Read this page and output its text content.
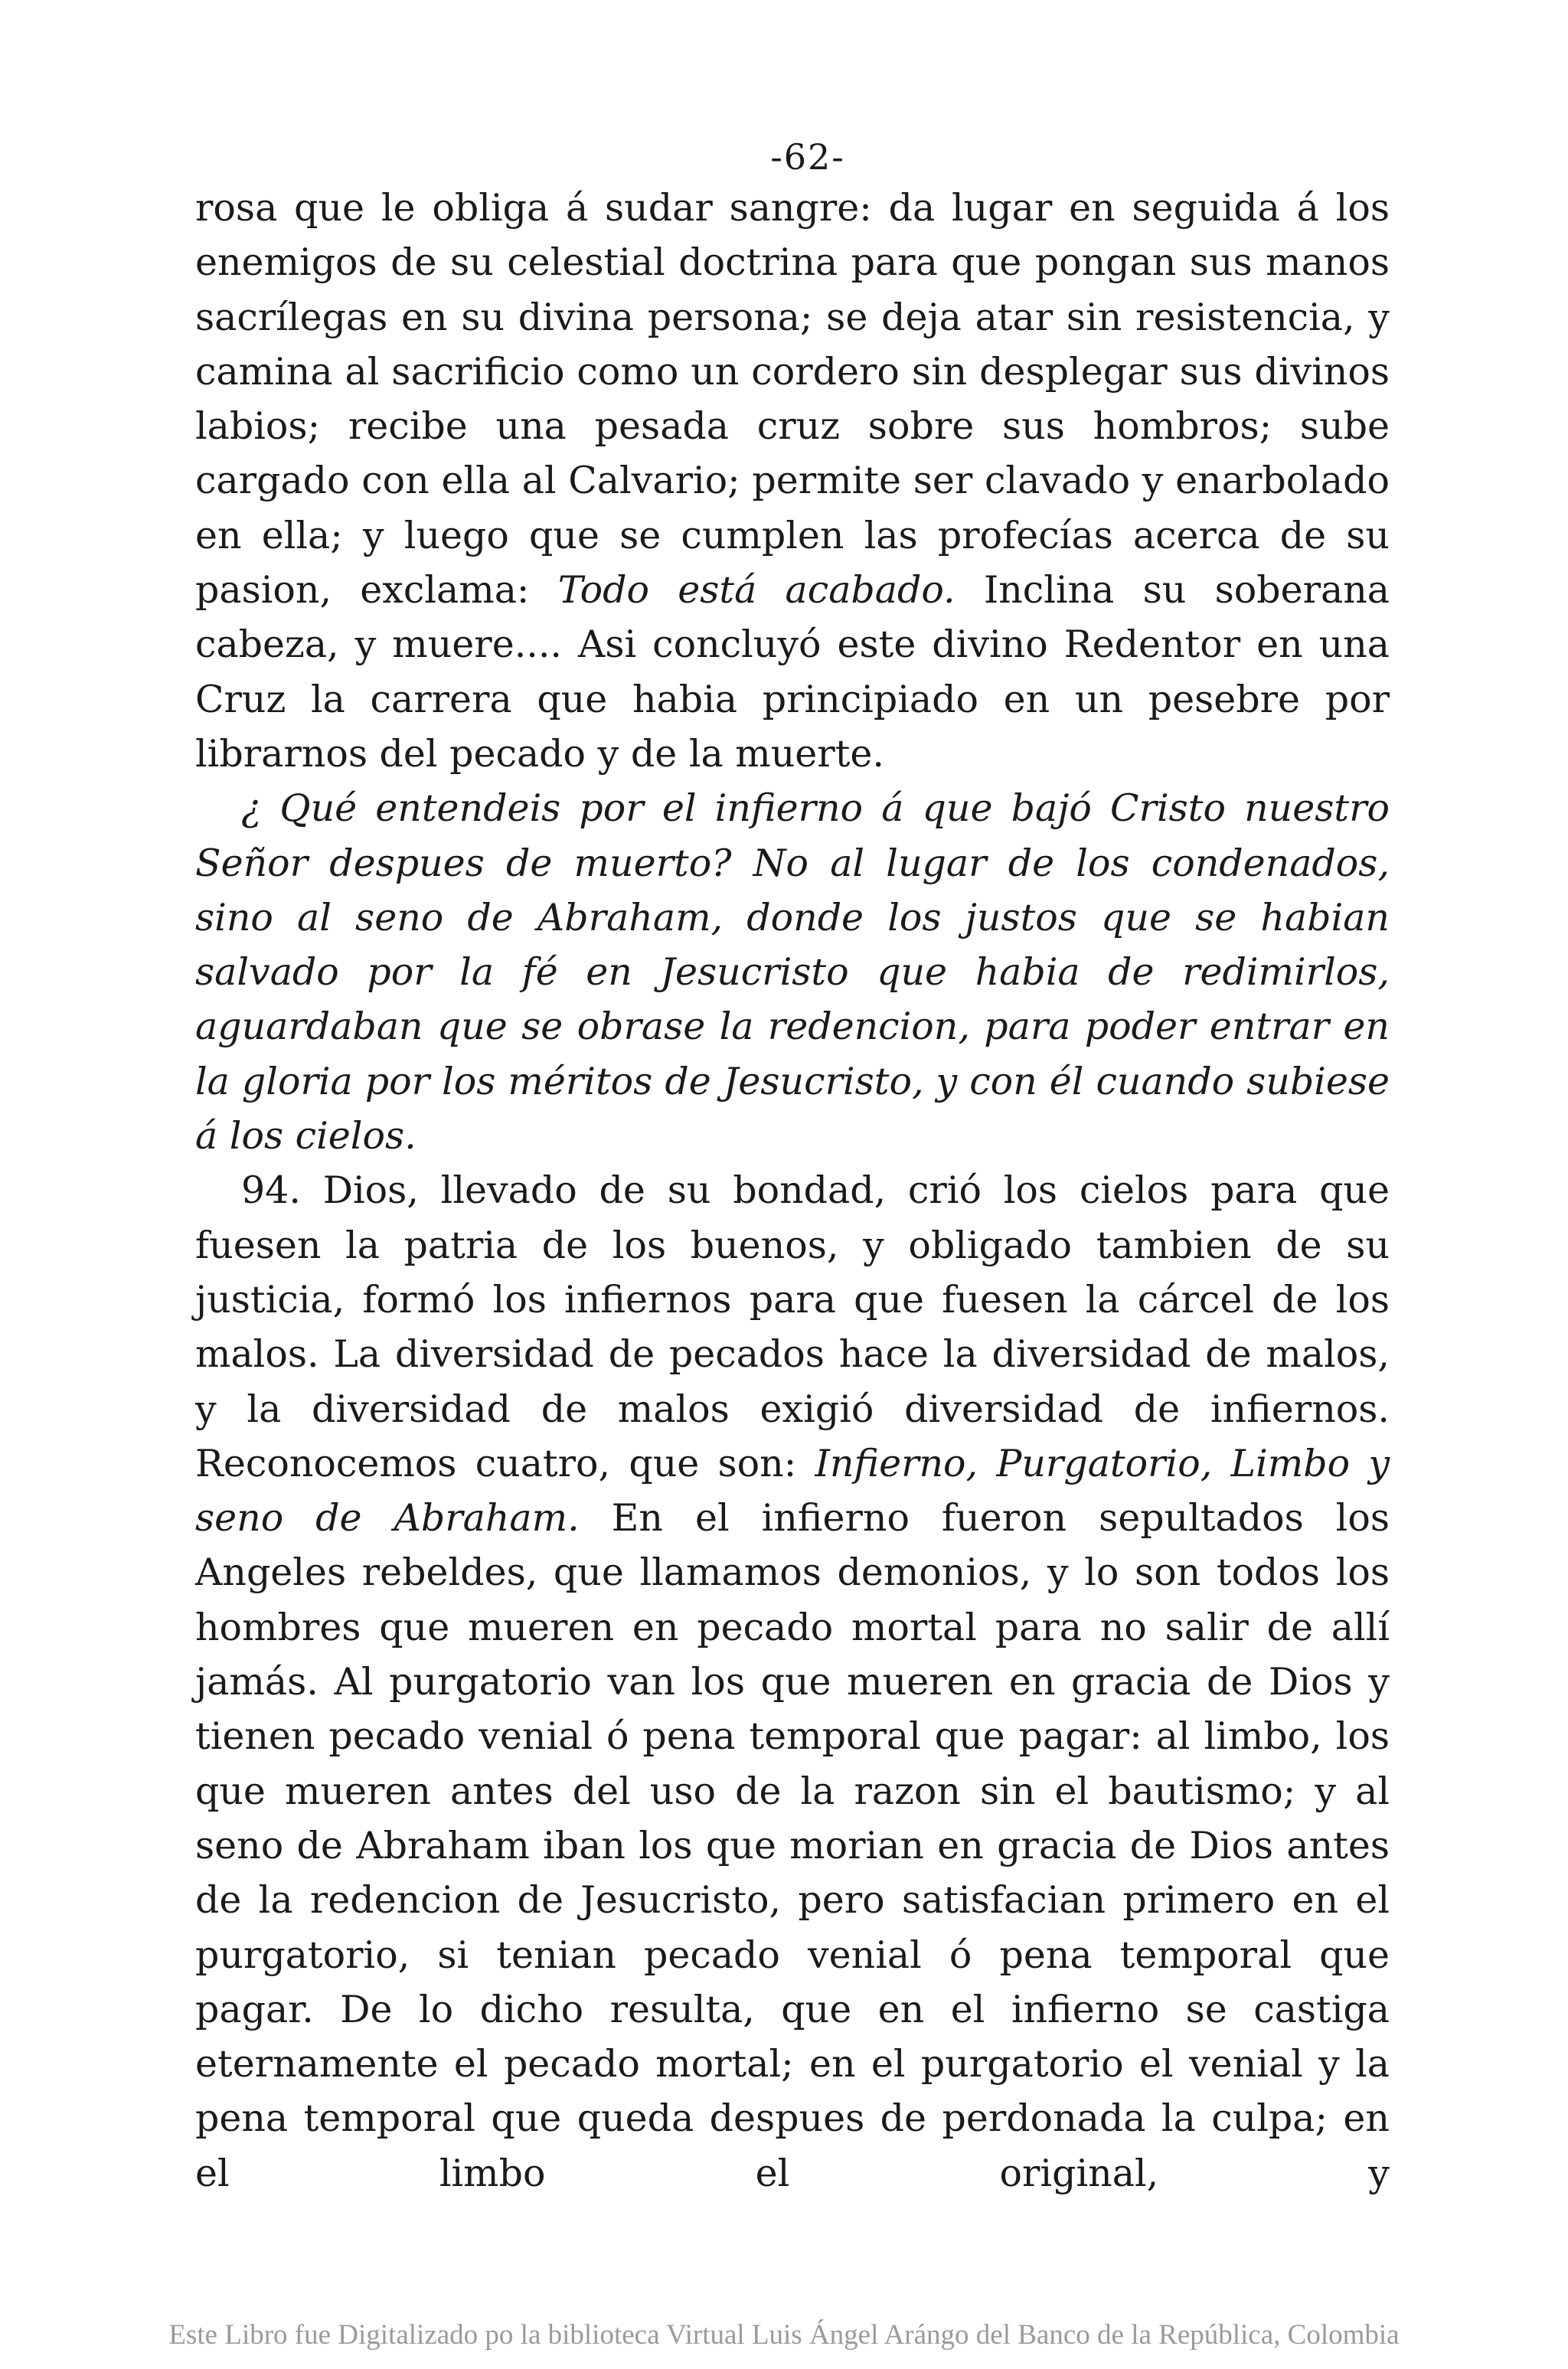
-62-

rosa que le obliga á sudar sangre: da lugar en seguida á los enemigos de su celestial doctrina para que pongan sus manos sacrílegas en su divina persona; se deja atar sin resistencia, y camina al sacrificio como un cordero sin desplegar sus divinos labios; recibe una pesada cruz sobre sus hombros; sube cargado con ella al Calvario; permite ser clavado y enarbolado en ella; y luego que se cumplen las profecías acerca de su pasion, exclama: Todo está acabado. Inclina su soberana cabeza, y muere.... Asi concluyó este divino Redentor en una Cruz la carrera que habia principiado en un pesebre por librarnos del pecado y de la muerte.

¿ Qué entendeis por el infierno á que bajó Cristo nuestro Señor despues de muerto? No al lugar de los condenados, sino al seno de Abraham, donde los justos que se habian salvado por la fé en Jesucristo que habia de redimirlos, aguardaban que se obrase la redencion, para poder entrar en la gloria por los méritos de Jesucristo, y con él cuando subiese á los cielos.

94. Dios, llevado de su bondad, crió los cielos para que fuesen la patria de los buenos, y obligado tambien de su justicia, formó los infiernos para que fuesen la cárcel de los malos. La diversidad de pecados hace la diversidad de malos, y la diversidad de malos exigió diversidad de infiernos. Reconocemos cuatro, que son: Infierno, Purgatorio, Limbo y seno de Abraham. En el infierno fueron sepultados los Angeles rebeldes, que llamamos demonios, y lo son todos los hombres que mueren en pecado mortal para no salir de allí jamás. Al purgatorio van los que mueren en gracia de Dios y tienen pecado venial ó pena temporal que pagar: al limbo, los que mueren antes del uso de la razon sin el bautismo; y al seno de Abraham iban los que morian en gracia de Dios antes de la redencion de Jesucristo, pero satisfacian primero en el purgatorio, si tenian pecado venial ó pena temporal que pagar. De lo dicho resulta, que en el infierno se castiga eternamente el pecado mortal; en el purgatorio el venial y la pena temporal que queda despues de perdonada la culpa; en el limbo el original, y

Este Libro fue Digitalizado po la biblioteca Virtual Luis Ángel Arángo del Banco de la República, Colombia
